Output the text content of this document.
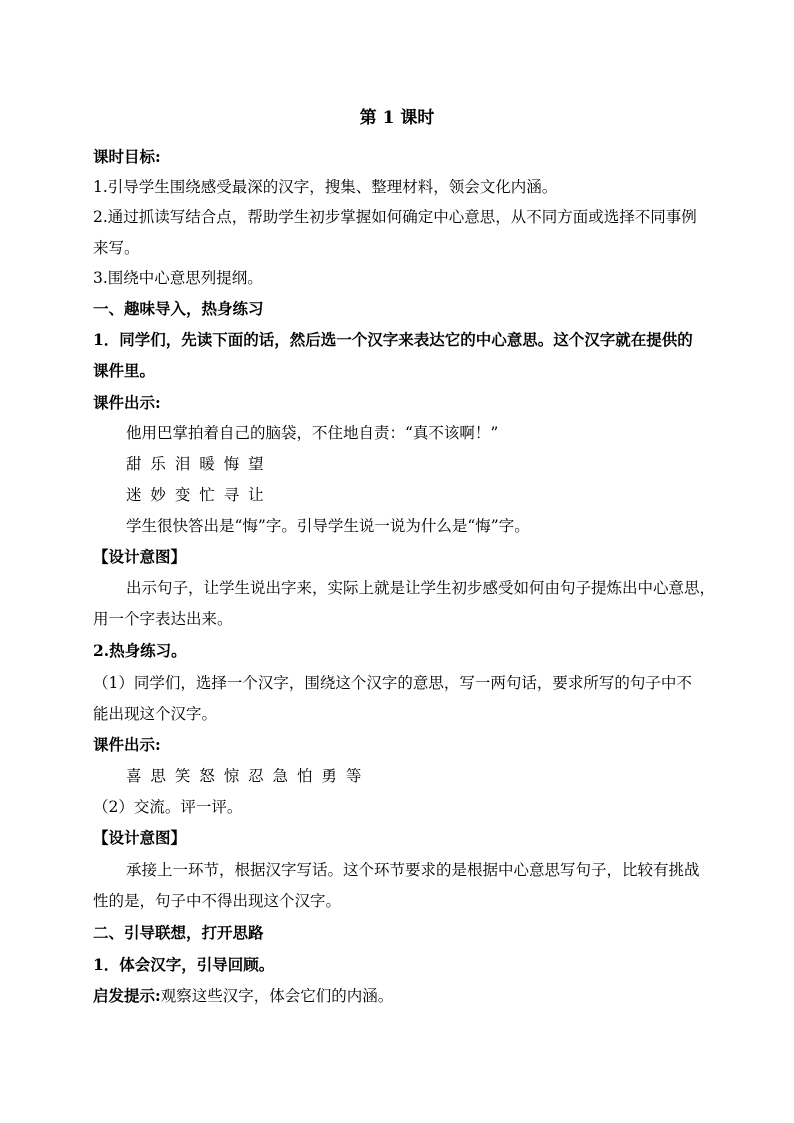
第 1 课时
课时目标:
1.引导学生围绕感受最深的汉字，搜集、整理材料，领会文化内涵。
2.通过抓读写结合点，帮助学生初步掌握如何确定中心意思，从不同方面或选择不同事例
来写。
3.围绕中心意思列提纲。
一、趣味导入，热身练习
1．同学们，先读下面的话，然后选一个汉字来表达它的中心意思。这个汉字就在提供的
课件里。
课件出示:
他用巴掌拍着自己的脑袋，不住地自责：“真不该啊！”
甜 乐 泪 暖 悔 望
迷 妙 变 忙 寻 让
学生很快答出是“悔”字。引导学生说一说为什么是“悔”字。
【设计意图】
出示句子，让学生说出字来，实际上就是让学生初步感受如何由句子提炼出中心意思，
用一个字表达出来。
2.热身练习。
（1）同学们，选择一个汉字，围绕这个汉字的意思，写一两句话，要求所写的句子中不
能出现这个汉字。
课件出示:
喜 思 笑 怒 惊 忍 急 怕 勇 等
（2）交流。评一评。
【设计意图】
承接上一环节，根据汉字写话。这个环节要求的是根据中心意思写句子，比较有挑战
性的是，句子中不得出现这个汉字。
二、引导联想，打开思路
1．体会汉字，引导回顾。
启发提示:观察这些汉字，体会它们的内涵。
